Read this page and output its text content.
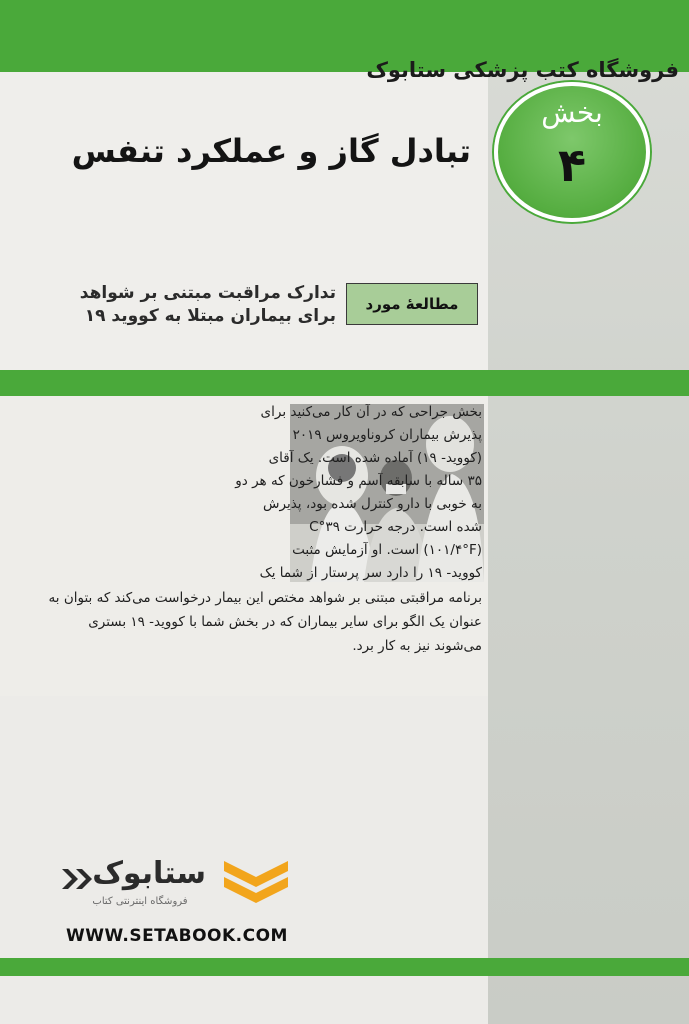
فروشگاه کتب پزشکی ستابوک
بخش
۴
تبادل گاز و عملکرد تنفس
مطالعهٔ مورد
تدارک مراقبت مبتنی بر شواهد
برای بیماران مبتلا به کووید ۱۹
بخش جراحی که در آن کار می‌کنید برای
پذیرش بیماران کروناویروس ۲۰۱۹
(کووید- ۱۹) آماده شده است. یک آقای
۳۵ ساله با سابقه آسم و فشارخون که هر دو
به خوبی با دارو کنترل شده بود، پذیرش
شده است. درجه حرارت ۳۹°C
(۱۰۱/۴°F) است. او آزمایش مثبت
کووید- ۱۹ را دارد سر پرستار از شما یک
برنامه مراقبتی مبتنی بر شواهد مختص این بیمار درخواست می‌کند که بتوان به
عنوان یک الگو برای سایر بیماران که در بخش شما با کووید- ۱۹ بستری
می‌شوند نیز به کار برد.
ستابوک
فروشگاه اینترنتی کتاب
WWW.SETABOOK.COM
